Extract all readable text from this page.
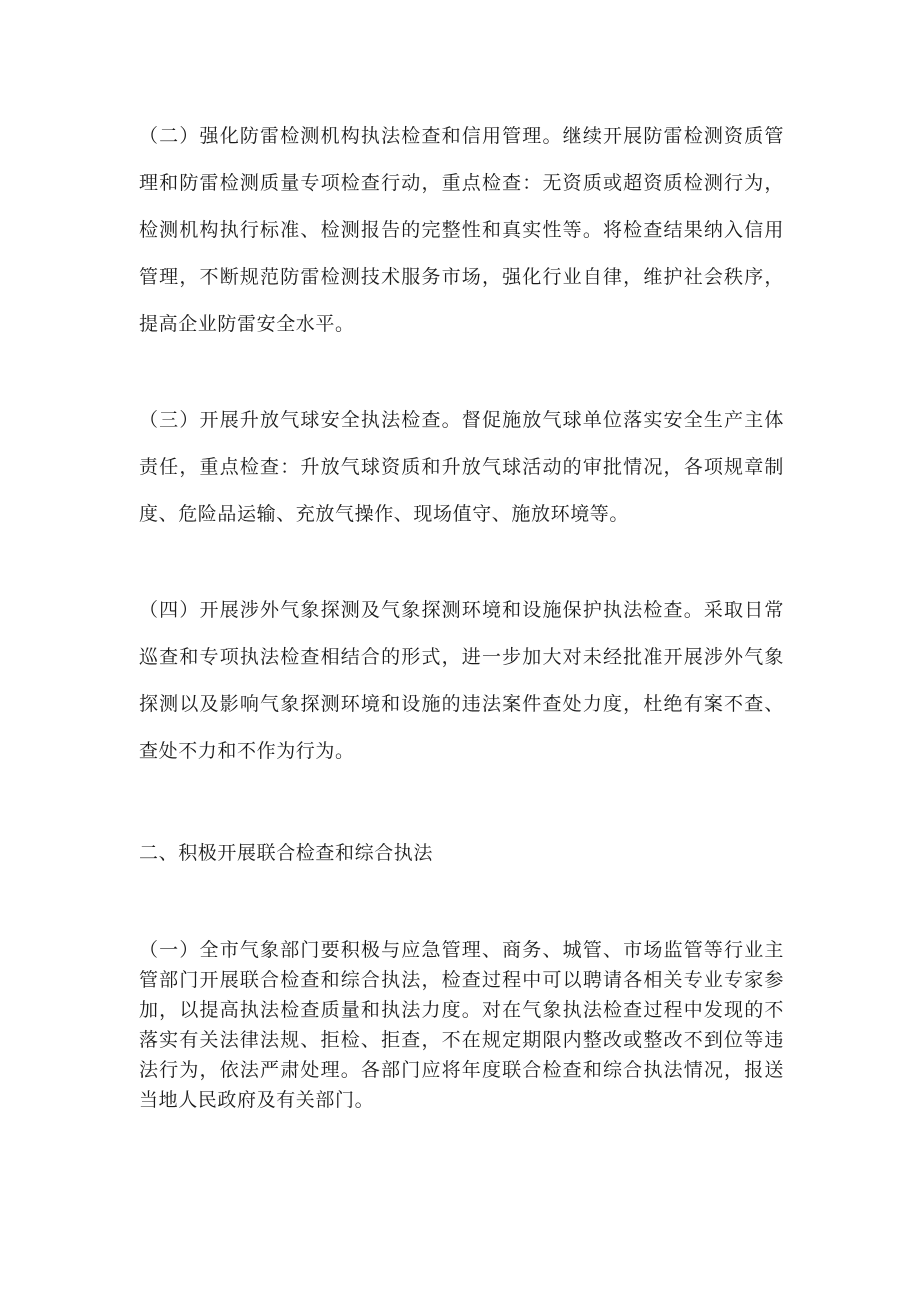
（二）强化防雷检测机构执法检查和信用管理。继续开展防雷检测资质管理和防雷检测质量专项检查行动，重点检查：无资质或超资质检测行为，检测机构执行标准、检测报告的完整性和真实性等。将检查结果纳入信用管理，不断规范防雷检测技术服务市场，强化行业自律，维护社会秩序，提高企业防雷安全水平。

（三）开展升放气球安全执法检查。督促施放气球单位落实安全生产主体责任，重点检查：升放气球资质和升放气球活动的审批情况，各项规章制度、危险品运输、充放气操作、现场值守、施放环境等。

（四）开展涉外气象探测及气象探测环境和设施保护执法检查。采取日常巡查和专项执法检查相结合的形式，进一步加大对未经批准开展涉外气象探测以及影响气象探测环境和设施的违法案件查处力度，杜绝有案不查、查处不力和不作为行为。

二、积极开展联合检查和综合执法

（一）全市气象部门要积极与应急管理、商务、城管、市场监管等行业主管部门开展联合检查和综合执法，检查过程中可以聘请各相关专业专家参加，以提高执法检查质量和执法力度。对在气象执法检查过程中发现的不落实有关法律法规、拒检、拒查，不在规定期限内整改或整改不到位等违法行为，依法严肃处理。各部门应将年度联合检查和综合执法情况，报送当地人民政府及有关部门。
